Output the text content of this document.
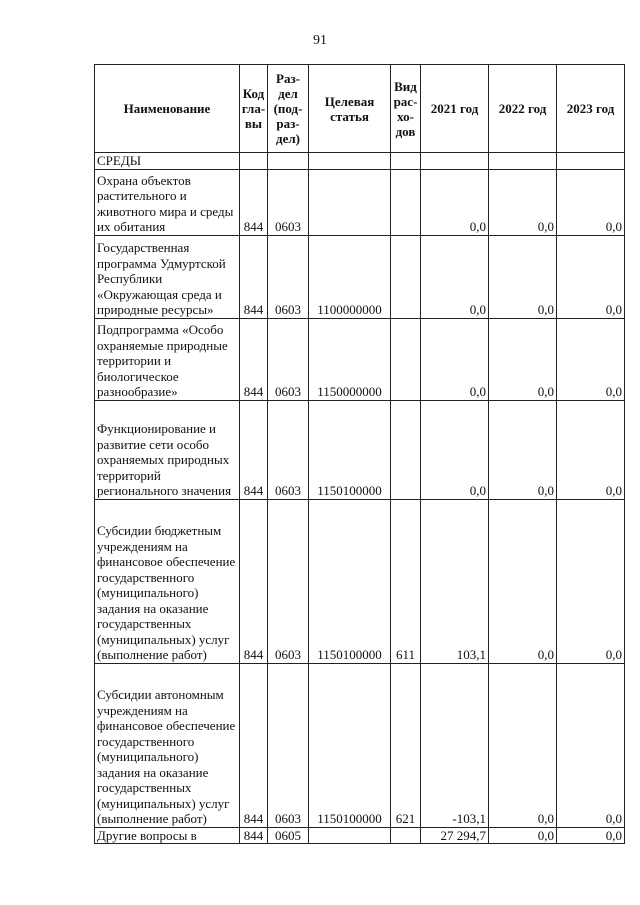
91
Наименование	Код гла-вы	Раз-дел (под-раз-дел)	Целевая статья	Вид рас-хо-дов	2021 год	2022 год	2023 год
СРЕДЫ							
Охрана объектов растительного и животного мира и среды их обитания	844	0603			0,0	0,0	0,0
Государственная программа Удмуртской Республики «Окружающая среда и природные ресурсы»	844	0603	1100000000		0,0	0,0	0,0
Подпрограмма «Особо охраняемые природные территории и биологическое разнообразие»	844	0603	1150000000		0,0	0,0	0,0
Функционирование и развитие сети особо охраняемых природных территорий регионального значения	844	0603	1150100000		0,0	0,0	0,0
Субсидии бюджетным учреждениям на финансовое обеспечение государственного (муниципального) задания на оказание государственных (муниципальных) услуг (выполнение работ)	844	0603	1150100000	611	103,1	0,0	0,0
Субсидии автономным учреждениям на финансовое обеспечение государственного (муниципального) задания на оказание государственных (муниципальных) услуг (выполнение работ)	844	0603	1150100000	621	-103,1	0,0	0,0
Другие вопросы в	844	0605			27 294,7	0,0	0,0
